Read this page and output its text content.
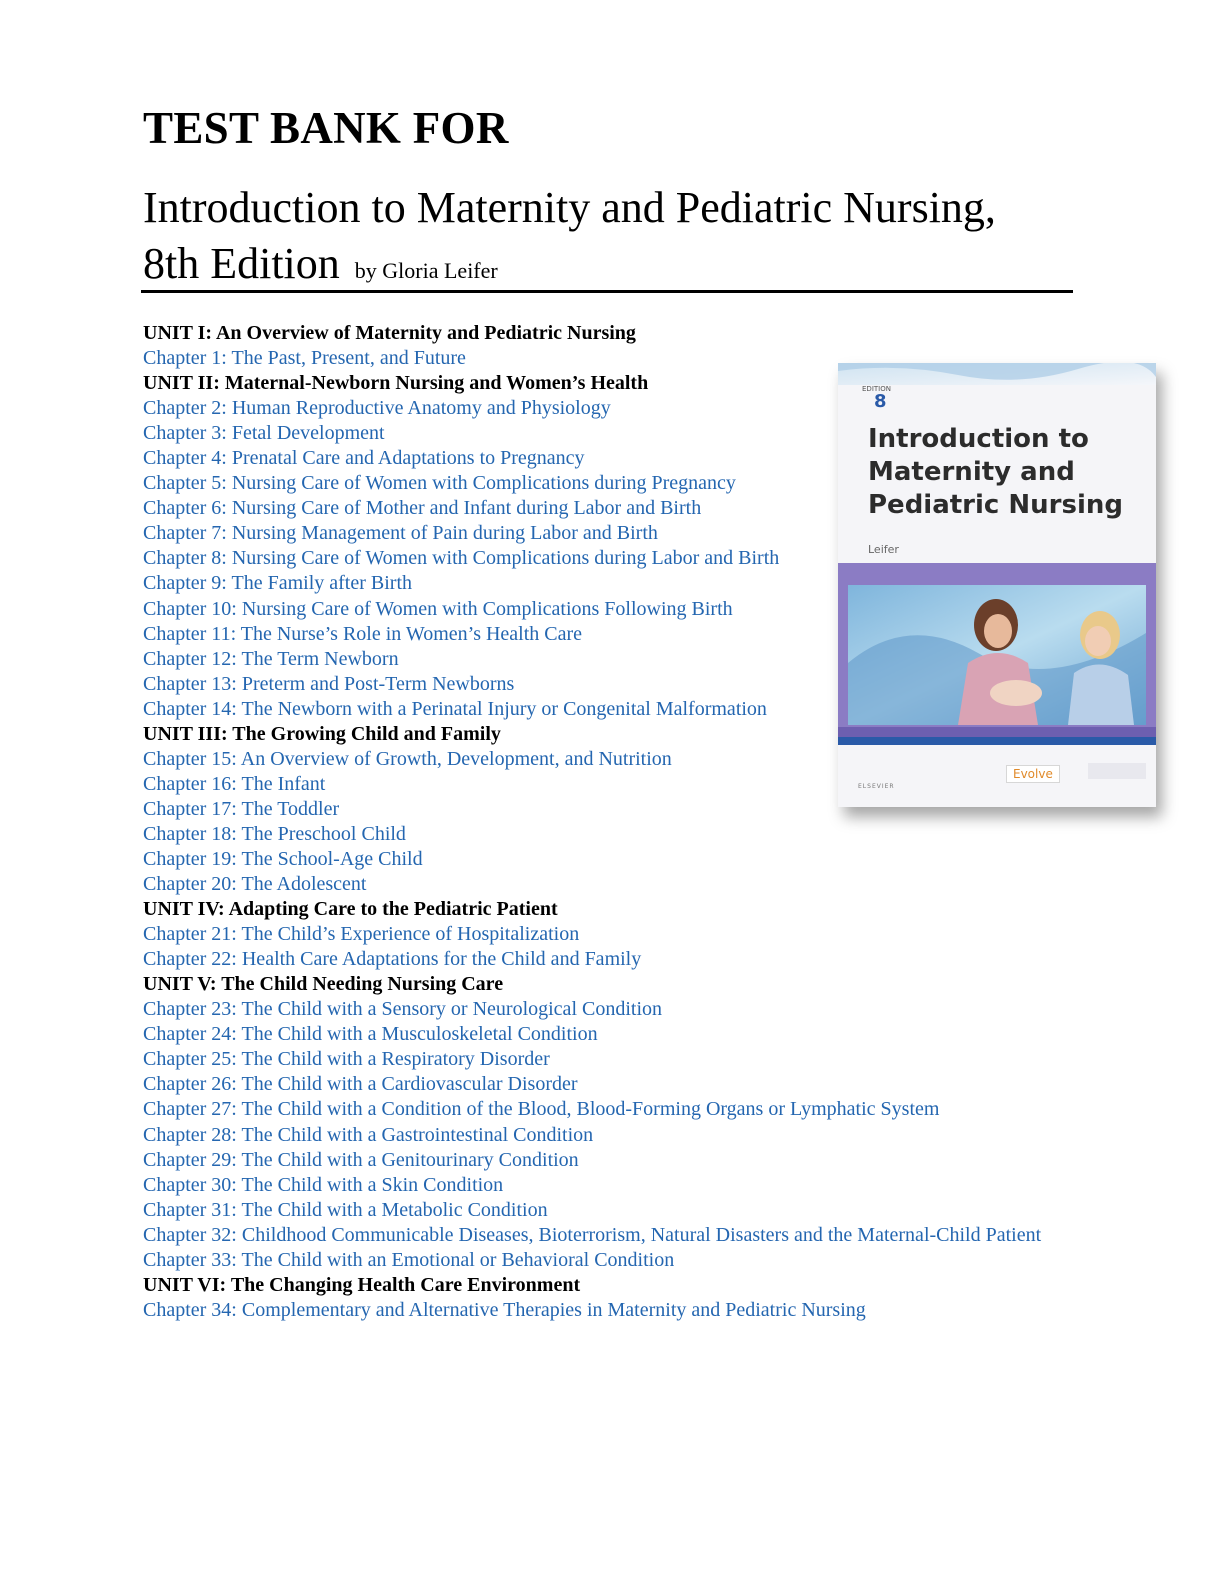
TEST BANK FOR
Introduction to Maternity and Pediatric Nursing,
8th Edition by Gloria Leifer
UNIT I: An Overview of Maternity and Pediatric Nursing
Chapter 1: The Past, Present, and Future
UNIT II: Maternal-Newborn Nursing and Women’s Health
Chapter 2: Human Reproductive Anatomy and Physiology
Chapter 3: Fetal Development
Chapter 4: Prenatal Care and Adaptations to Pregnancy
Chapter 5: Nursing Care of Women with Complications during Pregnancy
Chapter 6: Nursing Care of Mother and Infant during Labor and Birth
Chapter 7: Nursing Management of Pain during Labor and Birth
Chapter 8: Nursing Care of Women with Complications during Labor and Birth
Chapter 9: The Family after Birth
Chapter 10: Nursing Care of Women with Complications Following Birth
Chapter 11: The Nurse’s Role in Women’s Health Care
Chapter 12: The Term Newborn
Chapter 13: Preterm and Post-Term Newborns
Chapter 14: The Newborn with a Perinatal Injury or Congenital Malformation
UNIT III: The Growing Child and Family
Chapter 15: An Overview of Growth, Development, and Nutrition
Chapter 16: The Infant
Chapter 17: The Toddler
Chapter 18: The Preschool Child
Chapter 19: The School-Age Child
Chapter 20: The Adolescent
UNIT IV: Adapting Care to the Pediatric Patient
Chapter 21: The Child’s Experience of Hospitalization
Chapter 22: Health Care Adaptations for the Child and Family
UNIT V: The Child Needing Nursing Care
Chapter 23: The Child with a Sensory or Neurological Condition
Chapter 24: The Child with a Musculoskeletal Condition
Chapter 25: The Child with a Respiratory Disorder
Chapter 26: The Child with a Cardiovascular Disorder
Chapter 27: The Child with a Condition of the Blood, Blood-Forming Organs or Lymphatic System
Chapter 28: The Child with a Gastrointestinal Condition
Chapter 29: The Child with a Genitourinary Condition
Chapter 30: The Child with a Skin Condition
Chapter 31: The Child with a Metabolic Condition
Chapter 32: Childhood Communicable Diseases, Bioterrorism, Natural Disasters and the Maternal-Child Patient
Chapter 33: The Child with an Emotional or Behavioral Condition
UNIT VI: The Changing Health Care Environment
Chapter 34: Complementary and Alternative Therapies in Maternity and Pediatric Nursing
EDITION
8
Introduction to Maternity and Pediatric Nursing
Leifer
Evolve
ELSEVIER
